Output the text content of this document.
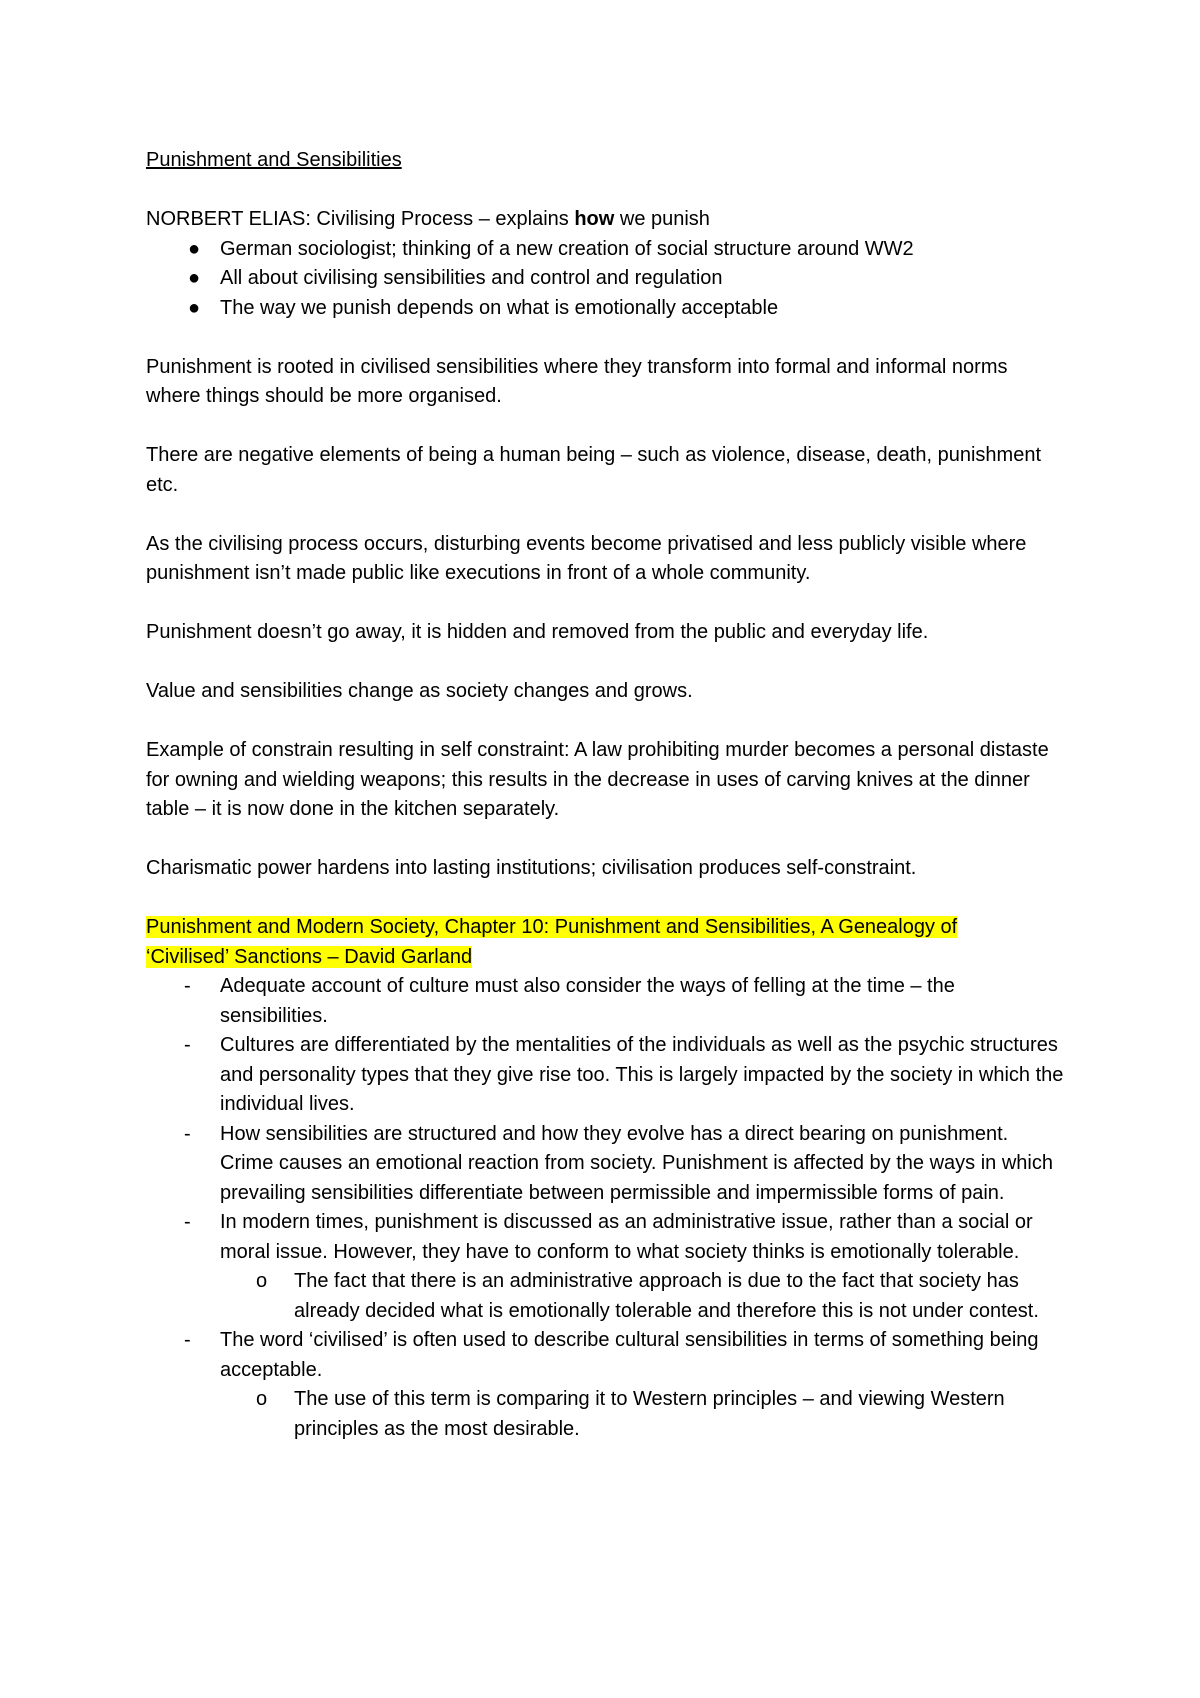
Punishment and Sensibilities

NORBERT ELIAS: Civilising Process – explains how we punish

● German sociologist; thinking of a new creation of social structure around WW2
● All about civilising sensibilities and control and regulation
● The way we punish depends on what is emotionally acceptable

Punishment is rooted in civilised sensibilities where they transform into formal and informal norms where things should be more organised.

There are negative elements of being a human being – such as violence, disease, death, punishment etc.

As the civilising process occurs, disturbing events become privatised and less publicly visible where punishment isn’t made public like executions in front of a whole community.

Punishment doesn’t go away, it is hidden and removed from the public and everyday life.

Value and sensibilities change as society changes and grows.

Example of constrain resulting in self constraint: A law prohibiting murder becomes a personal distaste for owning and wielding weapons; this results in the decrease in uses of carving knives at the dinner table – it is now done in the kitchen separately.

Charismatic power hardens into lasting institutions; civilisation produces self-constraint.

Punishment and Modern Society, Chapter 10: Punishment and Sensibilities, A Genealogy of
‘Civilised’ Sanctions – David Garland

- Adequate account of culture must also consider the ways of felling at the time – the sensibilities.
- Cultures are differentiated by the mentalities of the individuals as well as the psychic structures and personality types that they give rise too. This is largely impacted by the society in which the individual lives.
- How sensibilities are structured and how they evolve has a direct bearing on punishment. Crime causes an emotional reaction from society. Punishment is affected by the ways in which prevailing sensibilities differentiate between permissible and impermissible forms of pain.
- In modern times, punishment is discussed as an administrative issue, rather than a social or moral issue. However, they have to conform to what society thinks is emotionally tolerable.
o The fact that there is an administrative approach is due to the fact that society has already decided what is emotionally tolerable and therefore this is not under contest.
- The word ‘civilised’ is often used to describe cultural sensibilities in terms of something being acceptable.
o The use of this term is comparing it to Western principles – and viewing Western principles as the most desirable.
